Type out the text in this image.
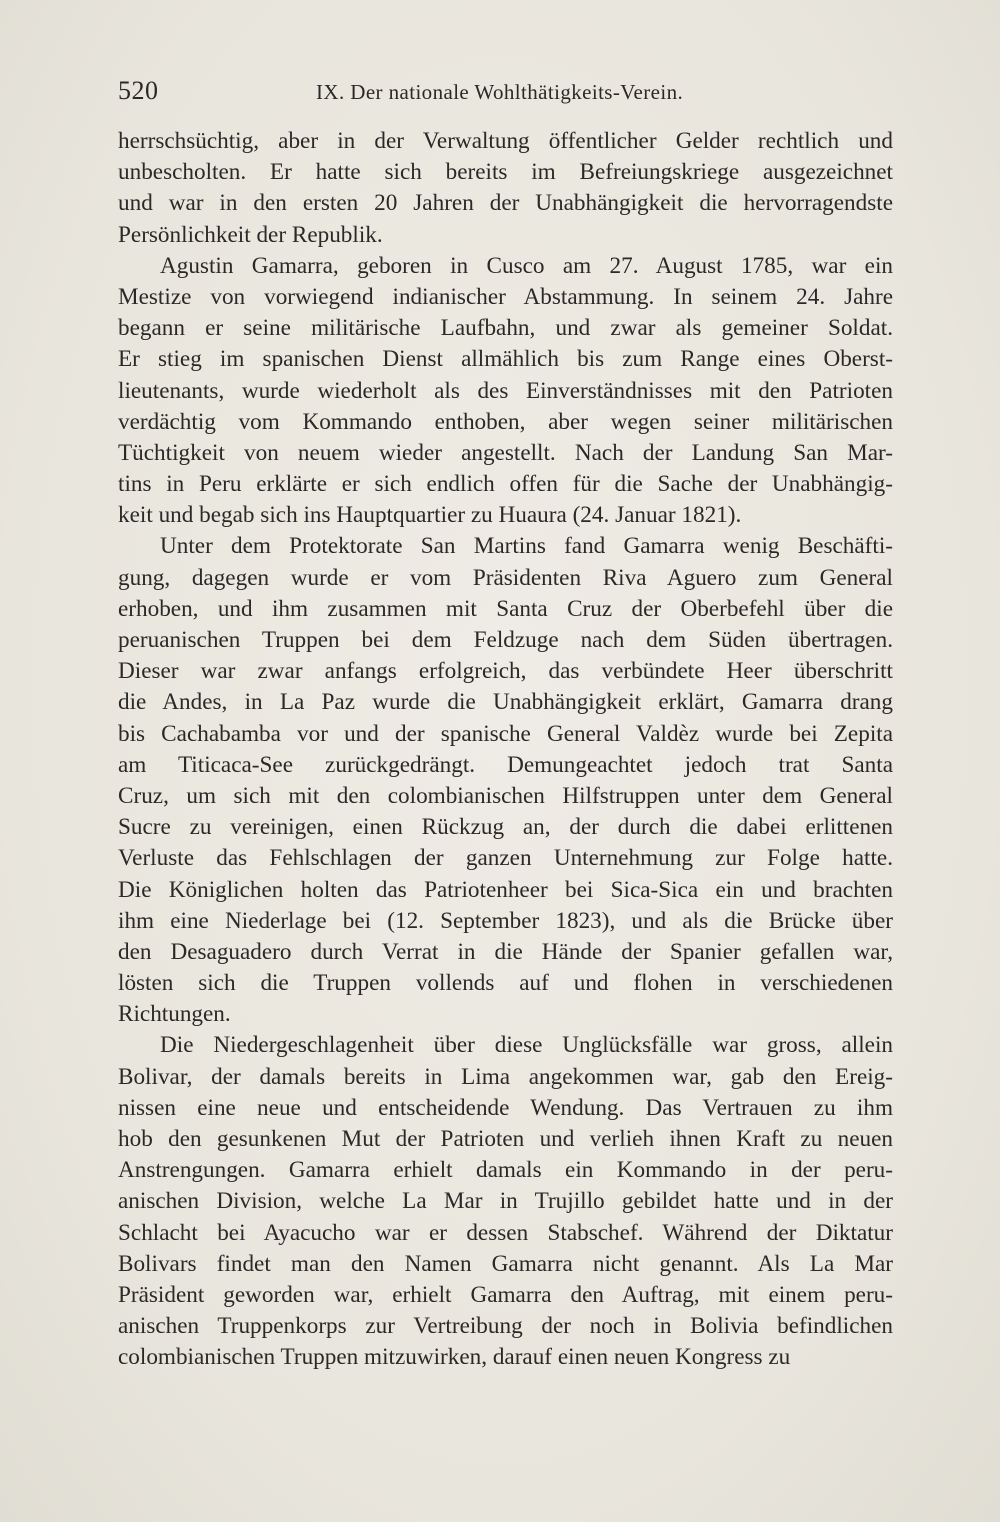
520	IX. Der nationale Wohlthätigkeits-Verein.
herrschsüchtig, aber in der Verwaltung öffentlicher Gelder rechtlich und
unbescholten. Er hatte sich bereits im Befreiungskriege ausgezeichnet
und war in den ersten 20 Jahren der Unabhängigkeit die hervorragendste
Persönlichkeit der Republik.
Agustin Gamarra, geboren in Cusco am 27. August 1785, war ein
Mestize von vorwiegend indianischer Abstammung. In seinem 24. Jahre
begann er seine militärische Laufbahn, und zwar als gemeiner Soldat.
Er stieg im spanischen Dienst allmählich bis zum Range eines Oberst-
lieutenants, wurde wiederholt als des Einverständnisses mit den Patrioten
verdächtig vom Kommando enthoben, aber wegen seiner militärischen
Tüchtigkeit von neuem wieder angestellt. Nach der Landung San Mar-
tins in Peru erklärte er sich endlich offen für die Sache der Unabhängig-
keit und begab sich ins Hauptquartier zu Huaura (24. Januar 1821).
Unter dem Protektorate San Martins fand Gamarra wenig Beschäfti-
gung, dagegen wurde er vom Präsidenten Riva Aguero zum General
erhoben, und ihm zusammen mit Santa Cruz der Oberbefehl über die
peruanischen Truppen bei dem Feldzuge nach dem Süden übertragen.
Dieser war zwar anfangs erfolgreich, das verbündete Heer überschritt
die Andes, in La Paz wurde die Unabhängigkeit erklärt, Gamarra drang
bis Cachabamba vor und der spanische General Valdèz wurde bei Zepita
am Titicaca-See zurückgedrängt. Demungeachtet jedoch trat Santa
Cruz, um sich mit den colombianischen Hilfstruppen unter dem General
Sucre zu vereinigen, einen Rückzug an, der durch die dabei erlittenen
Verluste das Fehlschlagen der ganzen Unternehmung zur Folge hatte.
Die Königlichen holten das Patriotenheer bei Sica-Sica ein und brachten
ihm eine Niederlage bei (12. September 1823), und als die Brücke über
den Desaguadero durch Verrat in die Hände der Spanier gefallen war,
lösten sich die Truppen vollends auf und flohen in verschiedenen
Richtungen.
Die Niedergeschlagenheit über diese Unglücksfälle war gross, allein
Bolivar, der damals bereits in Lima angekommen war, gab den Ereig-
nissen eine neue und entscheidende Wendung. Das Vertrauen zu ihm
hob den gesunkenen Mut der Patrioten und verlieh ihnen Kraft zu neuen
Anstrengungen. Gamarra erhielt damals ein Kommando in der peru-
anischen Division, welche La Mar in Trujillo gebildet hatte und in der
Schlacht bei Ayacucho war er dessen Stabschef. Während der Diktatur
Bolivars findet man den Namen Gamarra nicht genannt. Als La Mar
Präsident geworden war, erhielt Gamarra den Auftrag, mit einem peru-
anischen Truppenkorps zur Vertreibung der noch in Bolivia befindlichen
colombianischen Truppen mitzuwirken, darauf einen neuen Kongress zu
